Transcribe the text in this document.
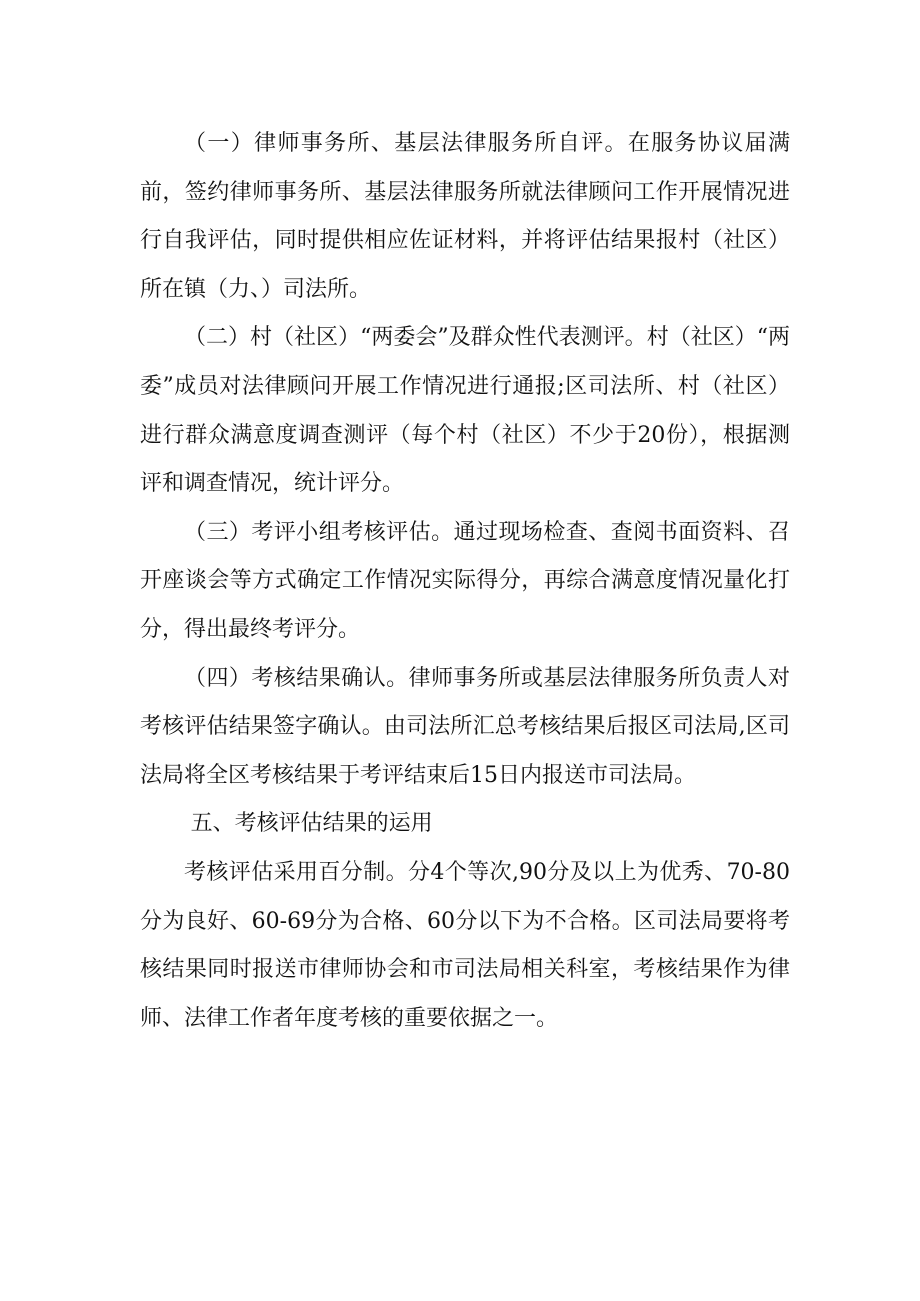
（一）律师事务所、基层法律服务所自评。在服务协议届满前，签约律师事务所、基层法律服务所就法律顾问工作开展情况进行自我评估，同时提供相应佐证材料，并将评估结果报村（社区）所在镇（力、）司法所。

（二）村（社区）“两委会”及群众性代表测评。村（社区）“两委”成员对法律顾问开展工作情况进行通报;区司法所、村（社区）进行群众满意度调查测评（每个村（社区）不少于20份），根据测评和调查情况，统计评分。

（三）考评小组考核评估。通过现场检查、查阅书面资料、召开座谈会等方式确定工作情况实际得分，再综合满意度情况量化打分，得出最终考评分。

（四）考核结果确认。律师事务所或基层法律服务所负责人对考核评估结果签字确认。由司法所汇总考核结果后报区司法局,区司法局将全区考核结果于考评结束后15日内报送市司法局。

五、考核评估结果的运用

考核评估采用百分制。分4个等次,90分及以上为优秀、70-80分为良好、60-69分为合格、60分以下为不合格。区司法局要将考核结果同时报送市律师协会和市司法局相关科室，考核结果作为律师、法律工作者年度考核的重要依据之一。
